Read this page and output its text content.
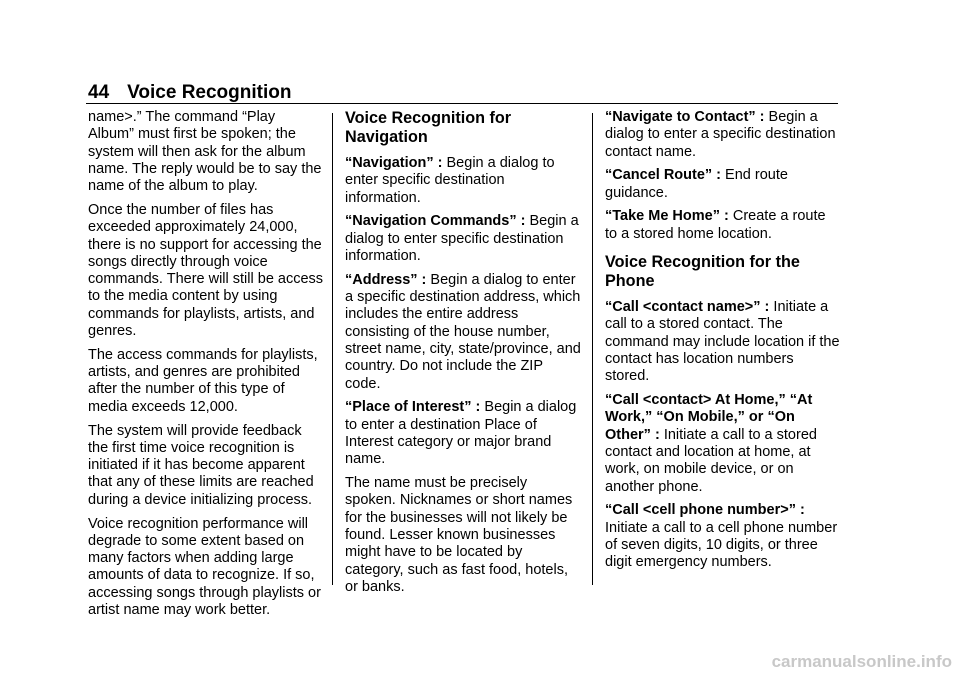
44 Voice Recognition

name>.” The command “Play Album” must first be spoken; the system will then ask for the album name. The reply would be to say the name of the album to play.

Once the number of files has exceeded approximately 24,000, there is no support for accessing the songs directly through voice commands. There will still be access to the media content by using commands for playlists, artists, and genres.

The access commands for playlists, artists, and genres are prohibited after the number of this type of media exceeds 12,000.

The system will provide feedback the first time voice recognition is initiated if it has become apparent that any of these limits are reached during a device initializing process.

Voice recognition performance will degrade to some extent based on many factors when adding large amounts of data to recognize. If so, accessing songs through playlists or artist name may work better.

Voice Recognition for Navigation

“Navigation” : Begin a dialog to enter specific destination information.

“Navigation Commands” : Begin a dialog to enter specific destination information.

“Address” : Begin a dialog to enter a specific destination address, which includes the entire address consisting of the house number, street name, city, state/province, and country. Do not include the ZIP code.

“Place of Interest” : Begin a dialog to enter a destination Place of Interest category or major brand name.

The name must be precisely spoken. Nicknames or short names for the businesses will not likely be found. Lesser known businesses might have to be located by category, such as fast food, hotels, or banks.

“Navigate to Contact” : Begin a dialog to enter a specific destination contact name.

“Cancel Route” : End route guidance.

“Take Me Home” : Create a route to a stored home location.

Voice Recognition for the Phone

“Call <contact name>” : Initiate a call to a stored contact. The command may include location if the contact has location numbers stored.

“Call <contact> At Home,” “At Work,” “On Mobile,” or “On Other” : Initiate a call to a stored contact and location at home, at work, on mobile device, or on another phone.

“Call <cell phone number>” : Initiate a call to a cell phone number of seven digits, 10 digits, or three digit emergency numbers.

carmanualsonline.info
